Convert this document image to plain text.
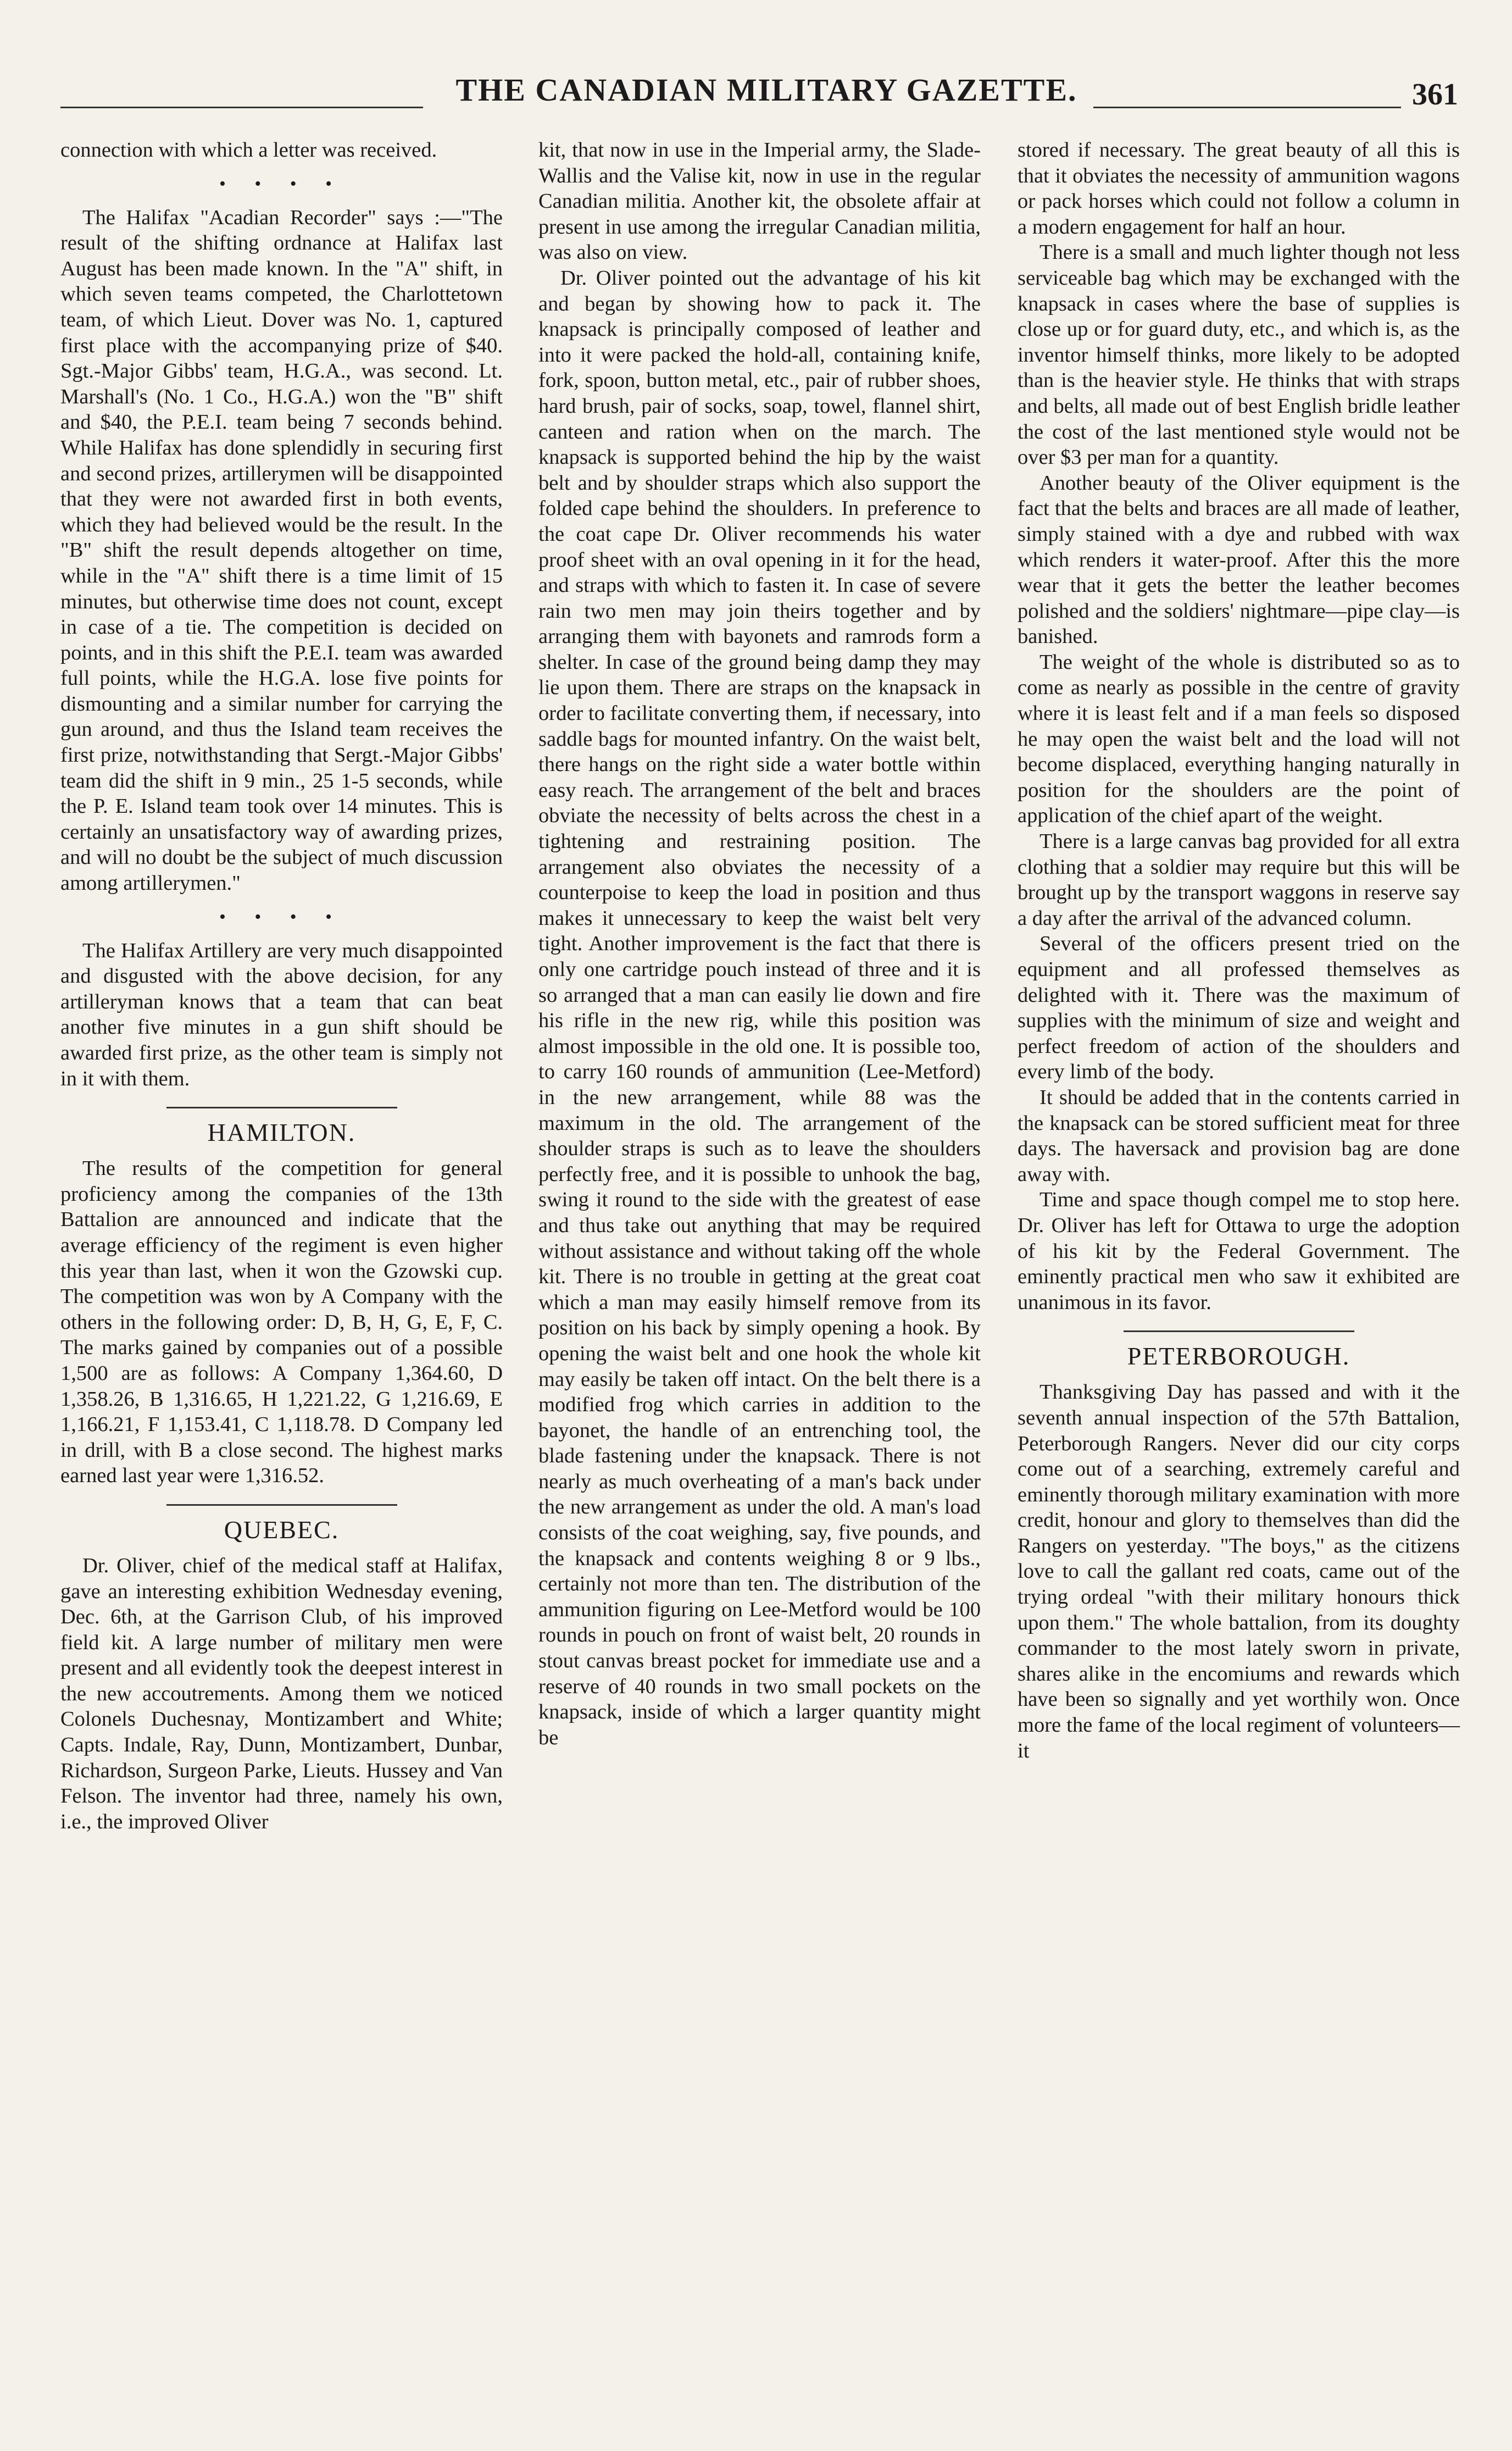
THE CANADIAN MILITARY GAZETTE.	361

connection with which a letter was received.

• • • •

The Halifax "Acadian Recorder" says :—"The result of the shifting ordnance at Halifax last August has been made known. In the "A" shift, in which seven teams competed, the Charlottetown team, of which Lieut. Dover was No. 1, captured first place with the accompanying prize of $40. Sgt.-Major Gibbs' team, H.G.A., was second. Lt. Marshall's (No. 1 Co., H.G.A.) won the "B" shift and $40, the P.E.I. team being 7 seconds behind. While Halifax has done splendidly in securing first and second prizes, artillerymen will be disappointed that they were not awarded first in both events, which they had believed would be the result. In the "B" shift the result depends altogether on time, while in the "A" shift there is a time limit of 15 minutes, but otherwise time does not count, except in case of a tie. The competition is decided on points, and in this shift the P.E.I. team was awarded full points, while the H.G.A. lose five points for dismounting and a similar number for carrying the gun around, and thus the Island team receives the first prize, notwithstanding that Sergt.-Major Gibbs' team did the shift in 9 min., 25 1-5 seconds, while the P. E. Island team took over 14 minutes. This is certainly an unsatisfactory way of awarding prizes, and will no doubt be the subject of much discussion among artillerymen."

• • • •

The Halifax Artillery are very much disappointed and disgusted with the above decision, for any artilleryman knows that a team that can beat another five minutes in a gun shift should be awarded first prize, as the other team is simply not in it with them.

HAMILTON.

The results of the competition for general proficiency among the companies of the 13th Battalion are announced and indicate that the average efficiency of the regiment is even higher this year than last, when it won the Gzowski cup. The competition was won by A Company with the others in the following order: D, B, H, G, E, F, C. The marks gained by companies out of a possible 1,500 are as follows: A Company 1,364.60, D 1,358.26, B 1,316.65, H 1,221.22, G 1,216.69, E 1,166.21, F 1,153.41, C 1,118.78. D Company led in drill, with B a close second. The highest marks earned last year were 1,316.52.

QUEBEC.

Dr. Oliver, chief of the medical staff at Halifax, gave an interesting exhibition Wednesday evening, Dec. 6th, at the Garrison Club, of his improved field kit. A large number of military men were present and all evidently took the deepest interest in the new accoutrements. Among them we noticed Colonels Duchesnay, Montizambert and White; Capts. Indale, Ray, Dunn, Montizambert, Dunbar, Richardson, Surgeon Parke, Lieuts. Hussey and Van Felson. The inventor had three, namely his own, i.e., the improved Oliver

kit, that now in use in the Imperial army, the Slade-Wallis and the Valise kit, now in use in the regular Canadian militia. Another kit, the obsolete affair at present in use among the irregular Canadian militia, was also on view.

Dr. Oliver pointed out the advantage of his kit and began by showing how to pack it. The knapsack is principally composed of leather and into it were packed the hold-all, containing knife, fork, spoon, button metal, etc., pair of rubber shoes, hard brush, pair of socks, soap, towel, flannel shirt, canteen and ration when on the march. The knapsack is supported behind the hip by the waist belt and by shoulder straps which also support the folded cape behind the shoulders. In preference to the coat cape Dr. Oliver recommends his water proof sheet with an oval opening in it for the head, and straps with which to fasten it. In case of severe rain two men may join theirs together and by arranging them with bayonets and ramrods form a shelter. In case of the ground being damp they may lie upon them. There are straps on the knapsack in order to facilitate converting them, if necessary, into saddle bags for mounted infantry. On the waist belt, there hangs on the right side a water bottle within easy reach. The arrangement of the belt and braces obviate the necessity of belts across the chest in a tightening and restraining position. The arrangement also obviates the necessity of a counterpoise to keep the load in position and thus makes it unnecessary to keep the waist belt very tight. Another improvement is the fact that there is only one cartridge pouch instead of three and it is so arranged that a man can easily lie down and fire his rifle in the new rig, while this position was almost impossible in the old one. It is possible too, to carry 160 rounds of ammunition (Lee-Metford) in the new arrangement, while 88 was the maximum in the old. The arrangement of the shoulder straps is such as to leave the shoulders perfectly free, and it is possible to unhook the bag, swing it round to the side with the greatest of ease and thus take out anything that may be required without assistance and without taking off the whole kit. There is no trouble in getting at the great coat which a man may easily himself remove from its position on his back by simply opening a hook. By opening the waist belt and one hook the whole kit may easily be taken off intact. On the belt there is a modified frog which carries in addition to the bayonet, the handle of an entrenching tool, the blade fastening under the knapsack. There is not nearly as much overheating of a man's back under the new arrangement as under the old. A man's load consists of the coat weighing, say, five pounds, and the knapsack and contents weighing 8 or 9 lbs., certainly not more than ten. The distribution of the ammunition figuring on Lee-Metford would be 100 rounds in pouch on front of waist belt, 20 rounds in stout canvas breast pocket for immediate use and a reserve of 40 rounds in two small pockets on the knapsack, inside of which a larger quantity might be

stored if necessary. The great beauty of all this is that it obviates the necessity of ammunition wagons or pack horses which could not follow a column in a modern engagement for half an hour.

There is a small and much lighter though not less serviceable bag which may be exchanged with the knapsack in cases where the base of supplies is close up or for guard duty, etc., and which is, as the inventor himself thinks, more likely to be adopted than is the heavier style. He thinks that with straps and belts, all made out of best English bridle leather the cost of the last mentioned style would not be over $3 per man for a quantity.

Another beauty of the Oliver equipment is the fact that the belts and braces are all made of leather, simply stained with a dye and rubbed with wax which renders it water-proof. After this the more wear that it gets the better the leather becomes polished and the soldiers' nightmare—pipe clay—is banished.

The weight of the whole is distributed so as to come as nearly as possible in the centre of gravity where it is least felt and if a man feels so disposed he may open the waist belt and the load will not become displaced, everything hanging naturally in position for the shoulders are the point of application of the chief apart of the weight.

There is a large canvas bag provided for all extra clothing that a soldier may require but this will be brought up by the transport waggons in reserve say a day after the arrival of the advanced column.

Several of the officers present tried on the equipment and all professed themselves as delighted with it. There was the maximum of supplies with the minimum of size and weight and perfect freedom of action of the shoulders and every limb of the body.

It should be added that in the contents carried in the knapsack can be stored sufficient meat for three days. The haversack and provision bag are done away with.

Time and space though compel me to stop here. Dr. Oliver has left for Ottawa to urge the adoption of his kit by the Federal Government. The eminently practical men who saw it exhibited are unanimous in its favor.

PETERBOROUGH.

Thanksgiving Day has passed and with it the seventh annual inspection of the 57th Battalion, Peterborough Rangers. Never did our city corps come out of a searching, extremely careful and eminently thorough military examination with more credit, honour and glory to themselves than did the Rangers on yesterday. "The boys," as the citizens love to call the gallant red coats, came out of the trying ordeal "with their military honours thick upon them." The whole battalion, from its doughty commander to the most lately sworn in private, shares alike in the encomiums and rewards which have been so signally and yet worthily won. Once more the fame of the local regiment of volunteers—it
